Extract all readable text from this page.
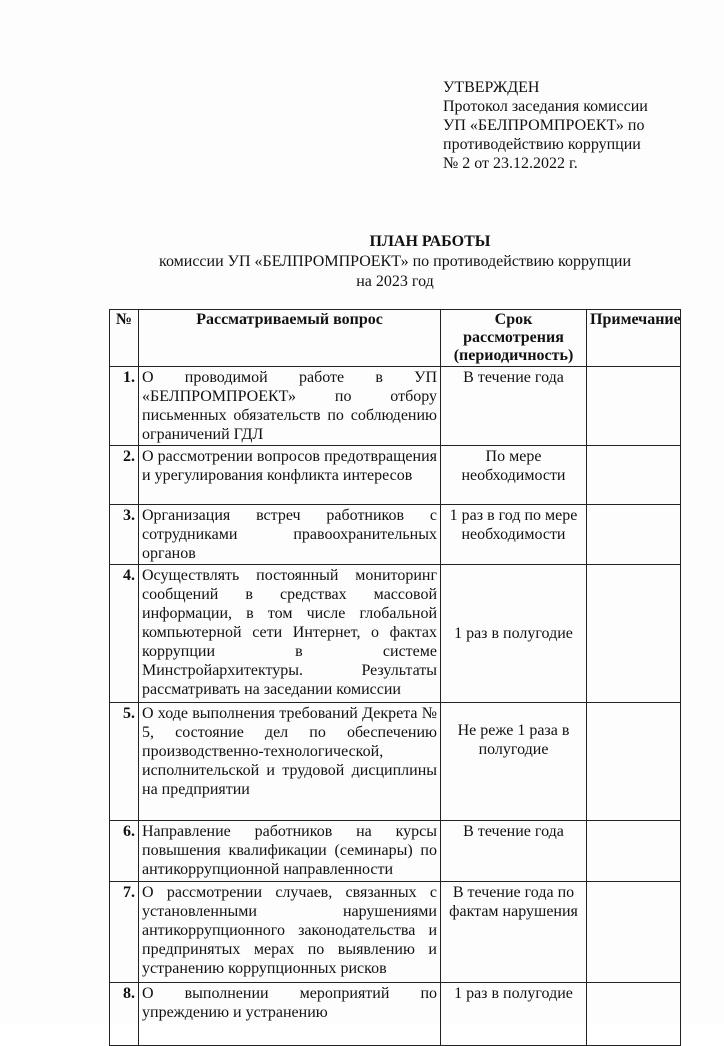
УТВЕРЖДЕН
Протокол заседания комиссии
УП «БЕЛПРОМПРОЕКТ» по
противодействию коррупции
№ 2 от 23.12.2022 г.
ПЛАН РАБОТЫ
комиссии УП «БЕЛПРОМПРОЕКТ» по противодействию коррупции
на 2023 год
№	Рассматриваемый вопрос	Срок рассмотрения (периодичность)	Примечание
1.	О проводимой работе в УП «БЕЛПРОМПРОЕКТ» по отбору письменных обязательств по соблюдению ограничений ГДЛ	В течение года	
2.	О рассмотрении вопросов предотвращения и урегулирования конфликта интересов	По мере необходимости	
3.	Организация встреч работников с сотрудниками правоохранительных органов	1 раз в год по мере необходимости	
4.	Осуществлять постоянный мониторинг сообщений в средствах массовой информации, в том числе глобальной компьютерной сети Интернет, о фактах коррупции в системе Минстройархитектуры. Результаты рассматривать на заседании комиссии	1 раз в полугодие	
5.	О ходе выполнения требований Декрета № 5, состояние дел по обеспечению производственно-технологической, исполнительской и трудовой дисциплины на предприятии	Не реже 1 раза в полугодие	
6.	Направление работников на курсы повышения квалификации (семинары) по антикоррупционной направленности	В течение года	
7.	О рассмотрении случаев, связанных с установленными нарушениями антикоррупционного законодательства и предпринятых мерах по выявлению и устранению коррупционных рисков	В течение года по фактам нарушения	
8.	О выполнении мероприятий по упреждению и устранению	1 раз в полугодие	
